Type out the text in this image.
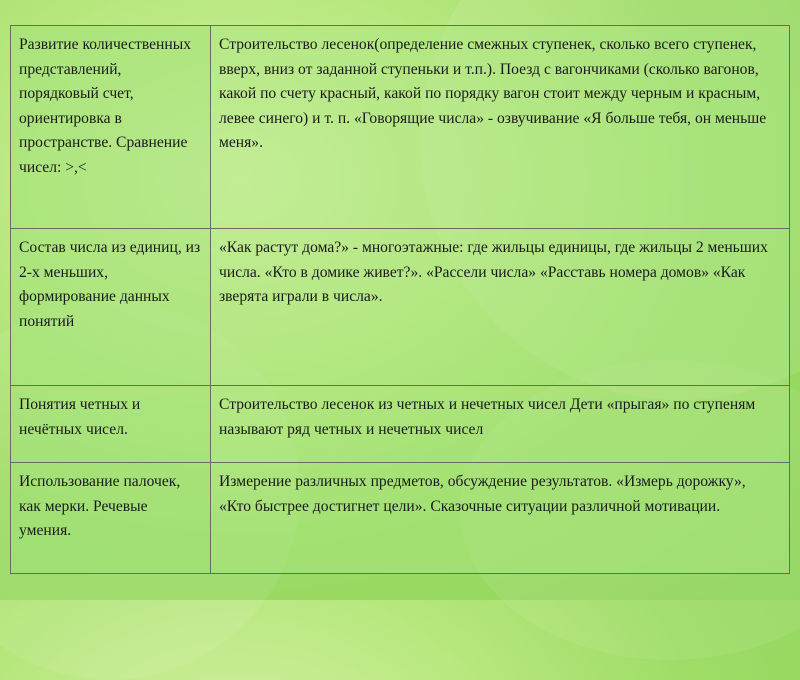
Развитие количественных представлений, порядковый счет, ориентировка в пространстве. Сравнение чисел: >,<	Строительство лесенок(определение смежных ступенек, сколько всего ступенек, вверх, вниз от заданной ступеньки и т.п.). Поезд с вагончиками (сколько вагонов, какой по счету красный, какой по порядку вагон стоит между черным и красным, левее синего) и т. п. «Говорящие числа» - озвучивание «Я больше тебя, он меньше меня».
Состав числа из единиц, из 2-х меньших, формирование данных понятий	«Как растут дома?» - многоэтажные: где жильцы единицы, где жильцы 2 меньших числа. «Кто в домике живет?». «Рассели числа» «Расставь номера домов» «Как зверята играли в числа».
Понятия четных и нечётных чисел.	Строительство лесенок из четных и нечетных чисел Дети «прыгая» по ступеням называют ряд четных и нечетных чисел
Использование палочек, как мерки. Речевые умения.	Измерение различных предметов, обсуждение результатов. «Измерь дорожку», «Кто быстрее достигнет цели». Сказочные ситуации различной мотивации.
